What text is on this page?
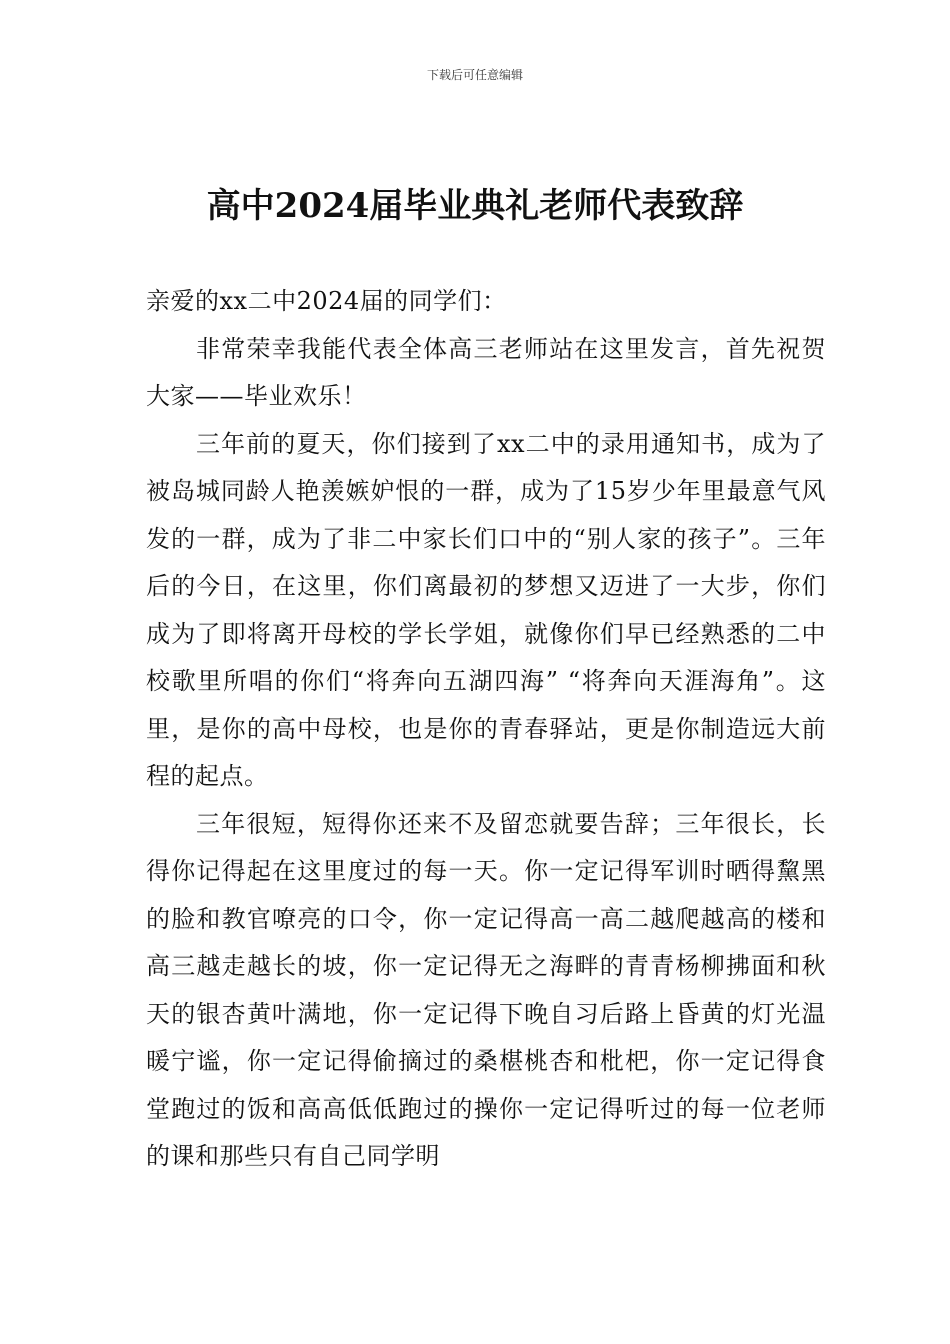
下载后可任意编辑
高中2024届毕业典礼老师代表致辞

亲爱的xx二中2024届的同学们：

非常荣幸我能代表全体高三老师站在这里发言，首先祝贺大家——毕业欢乐！

三年前的夏天，你们接到了xx二中的录用通知书，成为了被岛城同龄人艳羡嫉妒恨的一群，成为了15岁少年里最意气风发的一群，成为了非二中家长们口中的“别人家的孩子”。三年后的今日，在这里，你们离最初的梦想又迈进了一大步，你们成为了即将离开母校的学长学姐，就像你们早已经熟悉的二中校歌里所唱的你们“将奔向五湖四海” “将奔向天涯海角”。这里，是你的高中母校，也是你的青春驿站，更是你制造远大前程的起点。

三年很短，短得你还来不及留恋就要告辞；三年很长，长得你记得起在这里度过的每一天。你一定记得军训时晒得黧黑的脸和教官嘹亮的口令，你一定记得高一高二越爬越高的楼和高三越走越长的坡，你一定记得无之海畔的青青杨柳拂面和秋天的银杏黄叶满地，你一定记得下晚自习后路上昏黄的灯光温暖宁谧，你一定记得偷摘过的桑椹桃杏和枇杷，你一定记得食堂跑过的饭和高高低低跑过的操你一定记得听过的每一位老师的课和那些只有自己同学明
